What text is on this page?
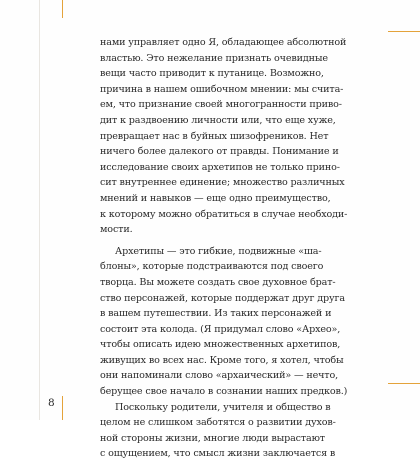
нами управляет одно Я, обладающее абсолютной
властью. Это нежелание признать очевидные
вещи часто приводит к путанице. Возможно,
причина в нашем ошибочном мнении: мы счита-
ем, что признание своей многогранности приво-
дит к раздвоению личности или, что еще хуже,
превращает нас в буйных шизофреников. Нет
ничего более далекого от правды. Понимание и
исследование своих архетипов не только прино-
сит внутреннее единение; множество различных
мнений и навыков — еще одно преимущество,
к которому можно обратиться в случае необходи-
мости.
Архетипы — это гибкие, подвижные «ша-
блоны», которые подстраиваются под своего
творца. Вы можете создать свое духовное брат-
ство персонажей, которые поддержат друг друга
в вашем путешествии. Из таких персонажей и
состоит эта колода. (Я придумал слово «Архео»,
чтобы описать идею множественных архетипов,
живущих во всех нас. Кроме того, я хотел, чтобы
они напоминали слово «архаический» — нечто,
берущее свое начало в сознании наших предков.)
Поскольку родители, учителя и общество в
целом не слишком заботятся о развитии духов-
ной стороны жизни, многие люди вырастают
с ощущением, что смысл жизни заключается в
8
